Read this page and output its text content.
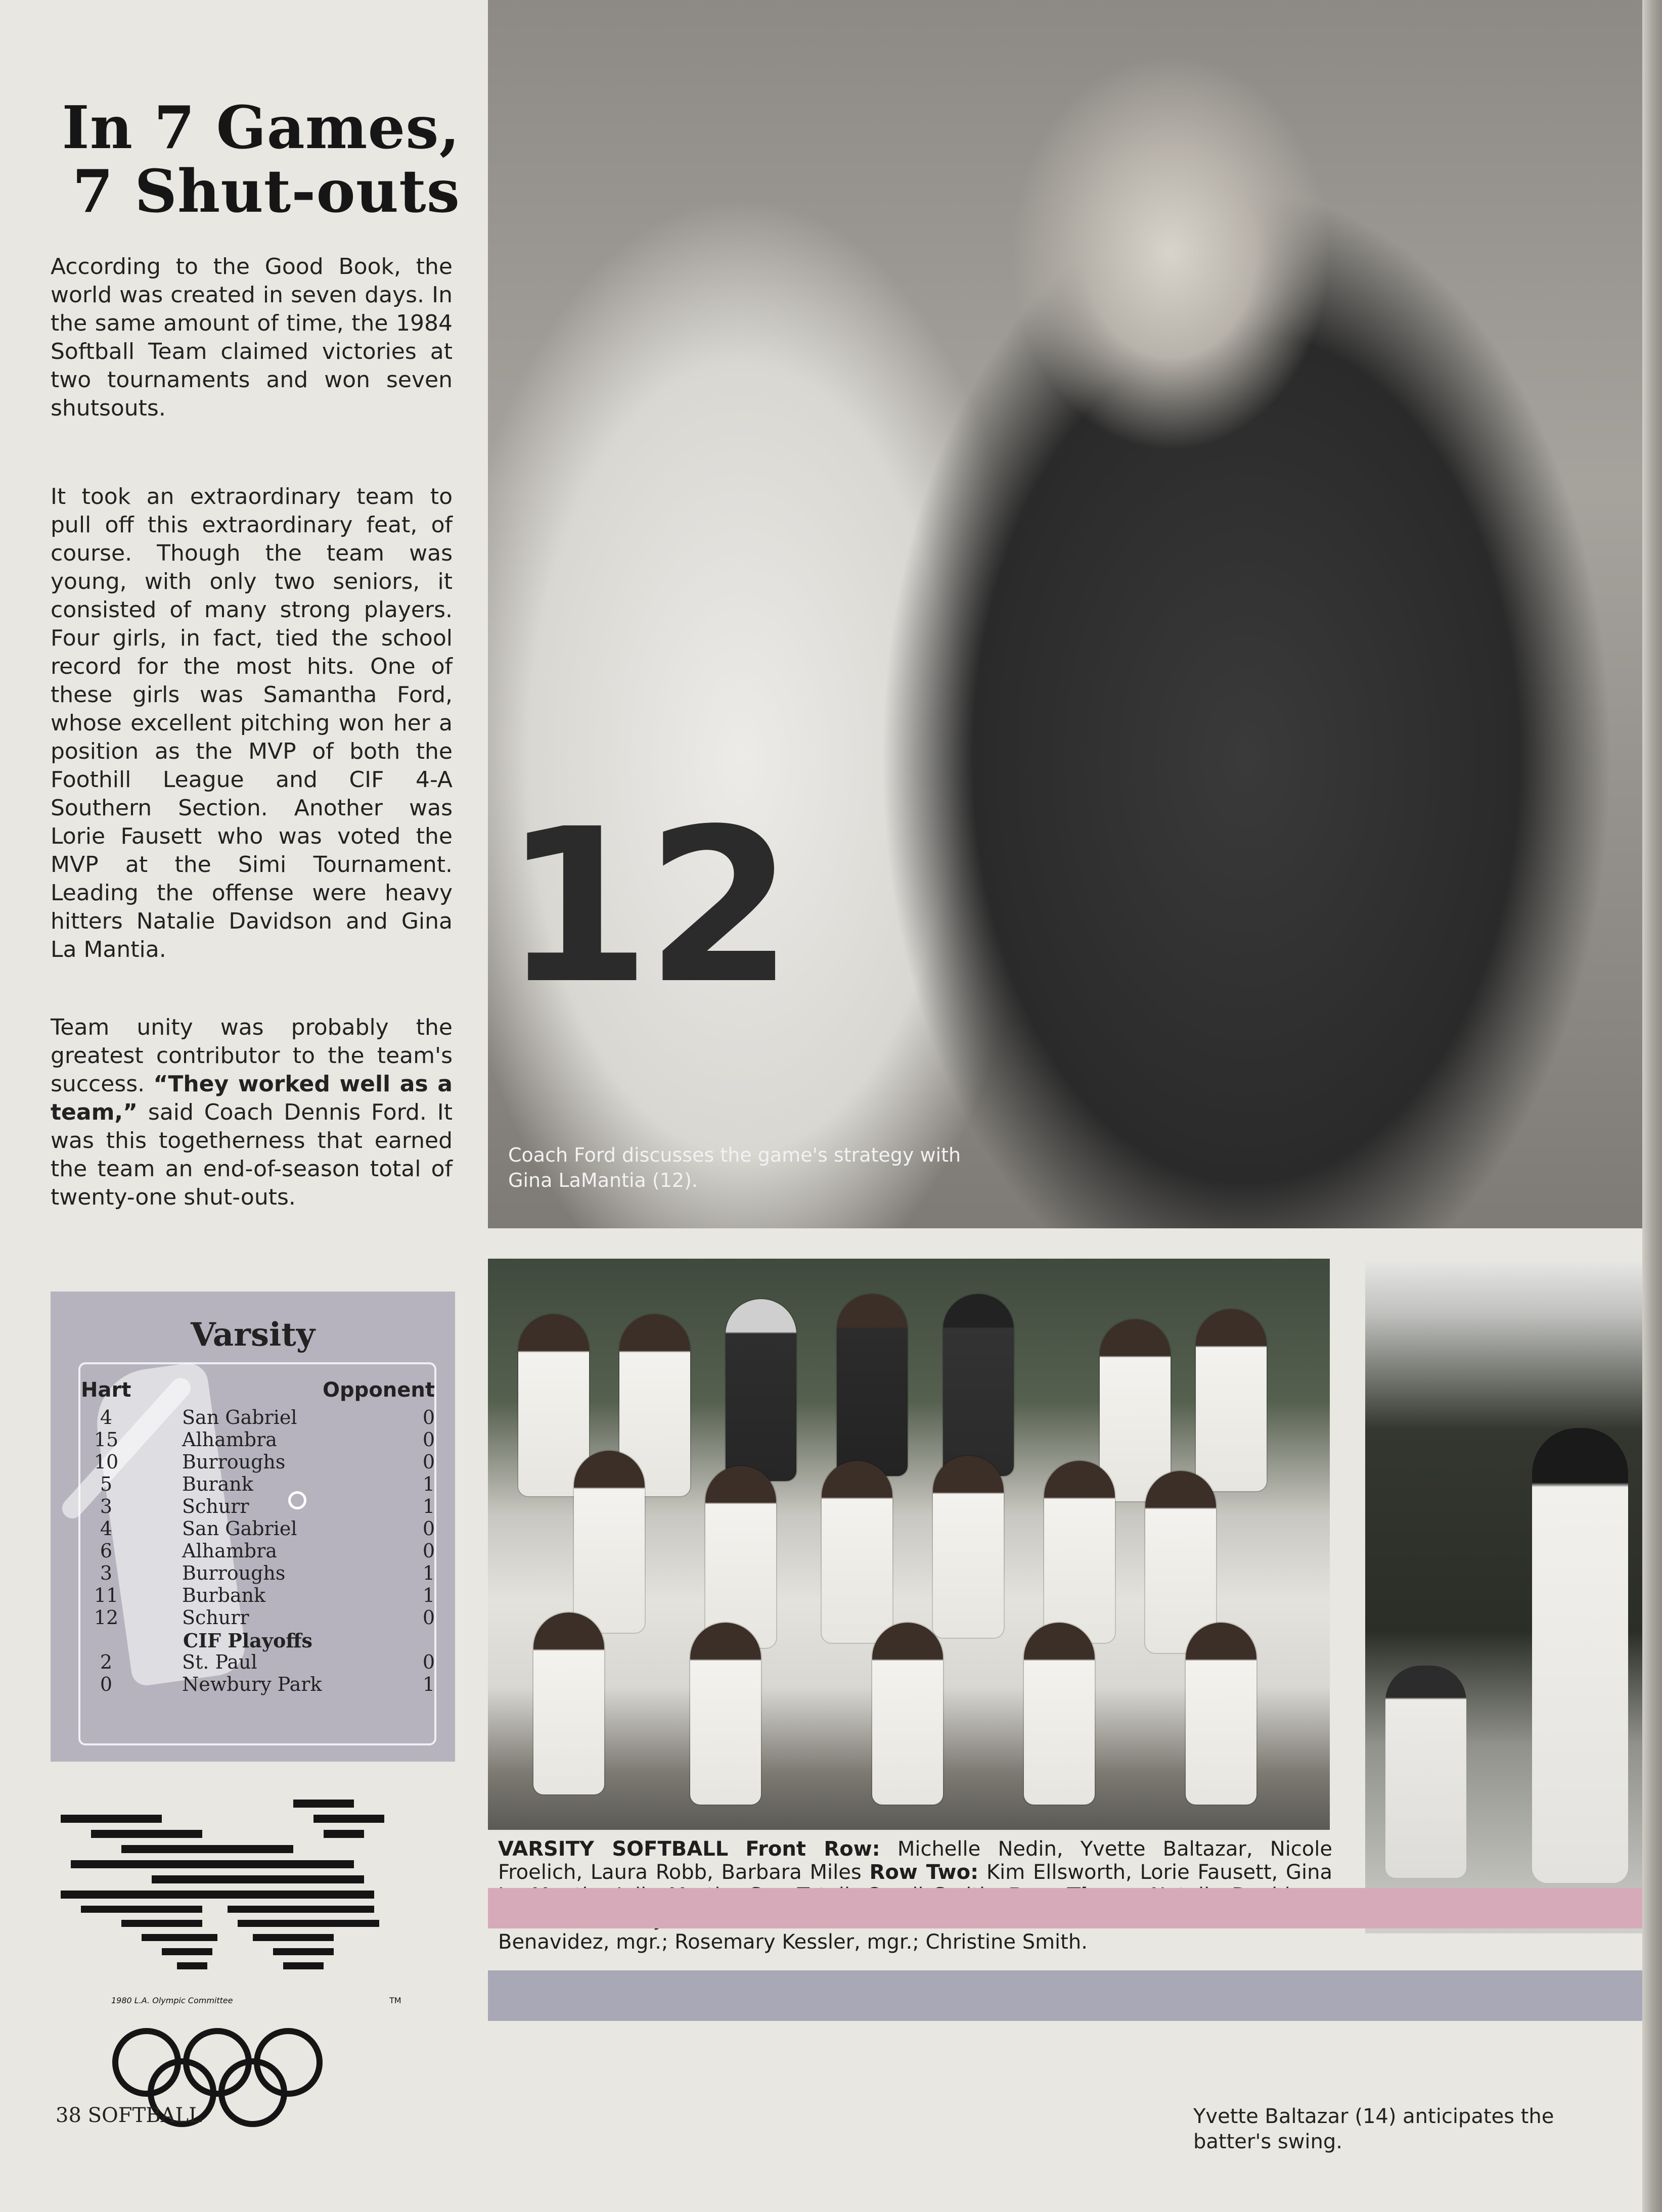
In 7 Games,
7 Shut-outs
According to the Good Book, the world was created in seven days. In the same amount of time, the 1984 Softball Team claimed victories at two tournaments and won seven shutsouts.
It took an extraordinary team to pull off this extraordinary feat, of course. Though the team was young, with only two seniors, it consisted of many strong players. Four girls, in fact, tied the school record for the most hits. One of these girls was Samantha Ford, whose excellent pitching won her a position as the MVP of both the Foothill League and CIF 4-A Southern Section. Another was Lorie Fausett who was voted the MVP at the Simi Tournament. Leading the offense were heavy hitters Natalie Davidson and Gina La Mantia.
Team unity was probably the greatest contributor to the team's success. “They worked well as a team,” said Coach Dennis Ford. It was this togetherness that earned the team an end-of-season total of twenty-one shut-outs.
12
Coach Ford discusses the game's strategy with Gina LaMantia (12).
Varsity
Hart	Opponent
4	San Gabriel	0
15	Alhambra	0
10	Burroughs	0
5	Burank	1
3	Schurr	1
4	San Gabriel	0
6	Alhambra	0
3	Burroughs	1
11	Burbank	1
12	Schurr	0
CIF Playoffs
2	St. Paul	0
0	Newbury Park	1
VARSITY SOFTBALL Front Row: Michelle Nedin, Yvette Baltazar, Nicole Froelich, Laura Robb, Barbara Miles Row Two: Kim Ellsworth, Lorie Fausett, Gina Benavidez, mgr.; Rosemary Kessler, mgr.; Christine Smith.
1980 L.A. Olympic Committee	TM
38 SOFTBALL	Yvette Baltazar (14) anticipates the batter's swing.
